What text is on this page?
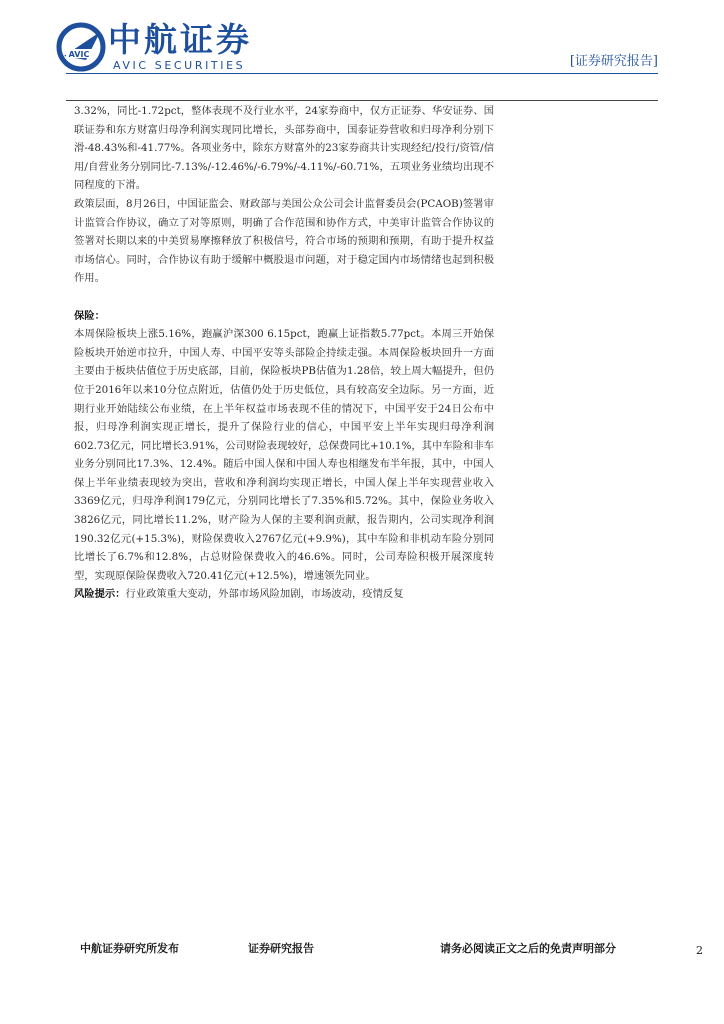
AVIC 中航证券
AVIC SECURITIES	[证券研究报告]

3.32%，同比-1.72pct，整体表现不及行业水平，24家券商中，仅方正证券、华安证券、国联证券和东方财富归母净利润实现同比增长，头部券商中，国泰证券营收和归母净利分别下滑-48.43%和-41.77%。各项业务中，除东方财富外的23家券商共计实现经纪/投行/资管/信用/自营业务分别同比-7.13%/-12.46%/-6.79%/-4.11%/-60.71%，五项业务业绩均出现不同程度的下滑。

政策层面，8月26日，中国证监会、财政部与美国公众公司会计监督委员会(PCAOB)签署审计监管合作协议，确立了对等原则，明确了合作范围和协作方式，中美审计监管合作协议的签署对长期以来的中美贸易摩擦释放了积极信号，符合市场的预期和预期，有助于提升权益市场信心。同时，合作协议有助于缓解中概股退市问题，对于稳定国内市场情绪也起到积极作用。

保险：

本周保险板块上涨5.16%，跑赢沪深300 6.15pct，跑赢上证指数5.77pct。本周三开始保险板块开始逆市拉升，中国人寿、中国平安等头部险企持续走强。本周保险板块回升一方面主要由于板块估值位于历史底部，目前，保险板块PB估值为1.28倍，较上周大幅提升，但仍位于2016年以来10分位点附近，估值仍处于历史低位，具有较高安全边际。另一方面，近期行业开始陆续公布业绩，在上半年权益市场表现不佳的情况下，中国平安于24日公布中报，归母净利润实现正增长，提升了保险行业的信心，中国平安上半年实现归母净利润602.73亿元，同比增长3.91%，公司财险表现较好，总保费同比+10.1%，其中车险和非车业务分别同比17.3%、12.4%。随后中国人保和中国人寿也相继发布半年报，其中，中国人保上半年业绩表现较为突出，营收和净利润均实现正增长，中国人保上半年实现营业收入3369亿元，归母净利润179亿元，分别同比增长了7.35%和5.72%。其中，保险业务收入3826亿元，同比增长11.2%，财产险为人保的主要利润贡献，报告期内，公司实现净利润190.32亿元(+15.3%)，财险保费收入2767亿元(+9.9%)，其中车险和非机动车险分别同比增长了6.7%和12.8%，占总财险保费收入的46.6%。同时，公司寿险积极开展深度转型，实现原保险保费收入720.41亿元(+12.5%)，增速领先同业。

风险提示：行业政策重大变动，外部市场风险加剧，市场波动，疫情反复

中航证券研究所发布	证券研究报告	请务必阅读正文之后的免责声明部分	2
